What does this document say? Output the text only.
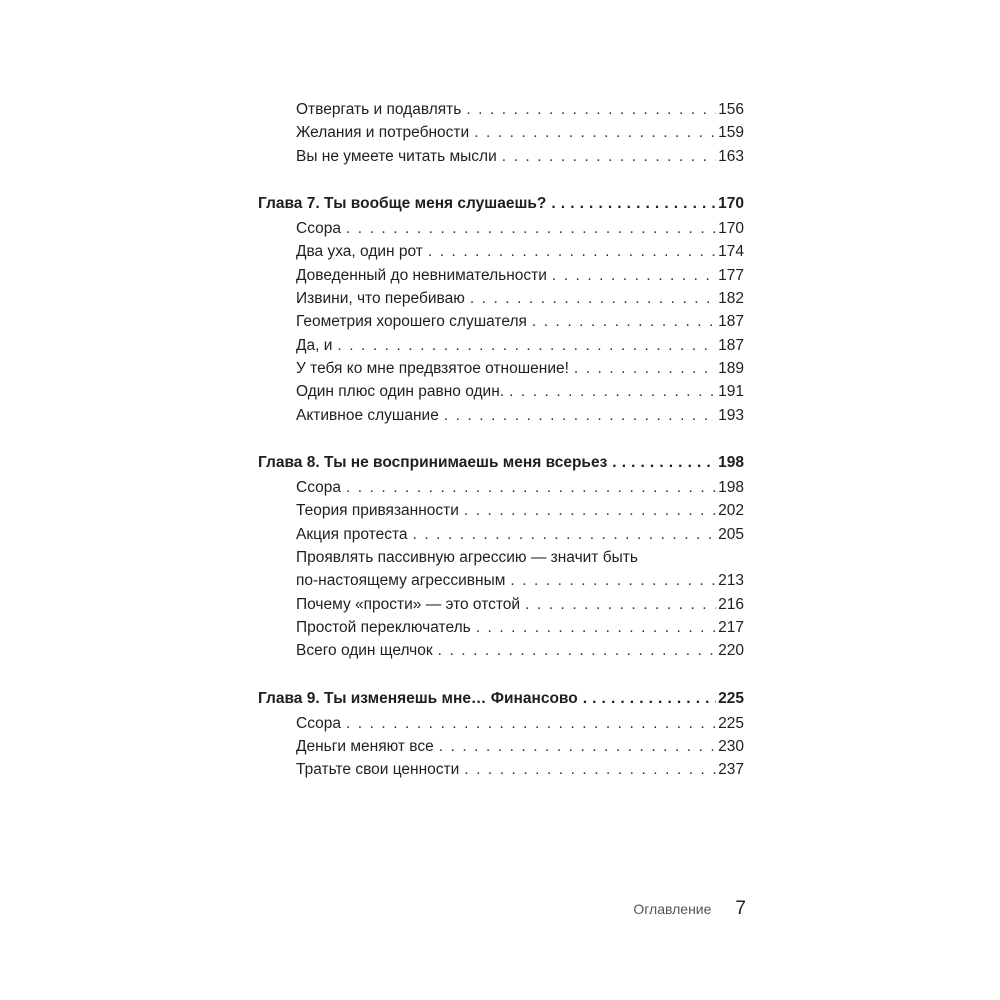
Отвергать и подавлять . . .	156
Желания и потребности . . .	159
Вы не умеете читать мысли . . .	163
Глава 7. Ты вообще меня слушаешь? . . .	170
Ссора . . .	170
Два уха, один рот . . .	174
Доведенный до невнимательности . . .	177
Извини, что перебиваю . . .	182
Геометрия хорошего слушателя . . .	187
Да, и . . .	187
У тебя ко мне предвзятое отношение! . . .	189
Один плюс один равно один. . . .	191
Активное слушание . . .	193
Глава 8. Ты не воспринимаешь меня всерьез . . .	198
Ссора . . .	198
Теория привязанности . . .	202
Акция протеста . . .	205
Проявлять пассивную агрессию — значит быть
по-настоящему агрессивным . . .	213
Почему «прости» — это отстой . . .	216
Простой переключатель . . .	217
Всего один щелчок . . .	220
Глава 9. Ты изменяешь мне… Финансово . . .	225
Ссора . . .	225
Деньги меняют все . . .	230
Тратьте свои ценности . . .	237
Оглавление 7
